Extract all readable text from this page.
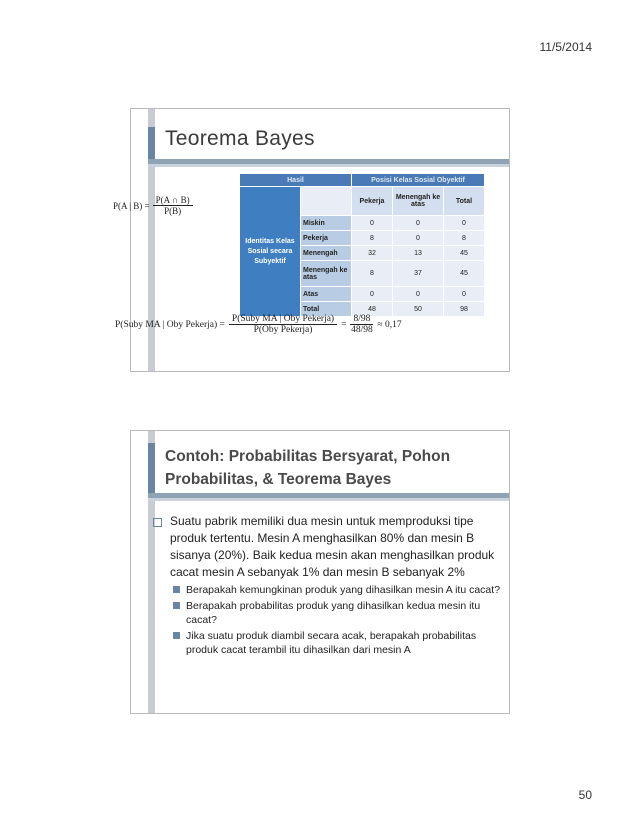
11/5/2014
Teorema Bayes
P(A | $B) = \frac{P(A \cap B)}{P(B)}$
Hasil		Posisi Kelas Sosial Obyektif		
Identitas Kelas Sosial secara Subyektif		Pekerja	Menengah ke atas	Total
	Miskin	0	0	0
	Pekerja	8	0	8
	Menengah	32	13	45
	Menengah ke atas	8	37	45
	Atas	0	0	0
	Total	48	50	98
P(Suby MA | Oby Pekerja) = $\frac{\text{P(Suby MA | Oby Pekerja)}}{\text{P(Oby Pekerja)}} = \frac{8/98}{48/98} \approx 0,17$
Contoh: Probabilitas Bersyarat, Pohon Probabilitas, & Teorema Bayes
Suatu pabrik memiliki dua mesin untuk memproduksi tipe produk tertentu. Mesin A menghasilkan 80% dan mesin B sisanya (20%). Baik kedua mesin akan menghasilkan produk cacat mesin A sebanyak 1% dan mesin B sebanyak 2%
Berapakah kemungkinan produk yang dihasilkan mesin A itu cacat?
Berapakah probabilitas produk yang dihasilkan kedua mesin itu cacat?
Jika suatu produk diambil secara acak, berapakah probabilitas produk cacat terambil itu dihasilkan dari mesin A
50
